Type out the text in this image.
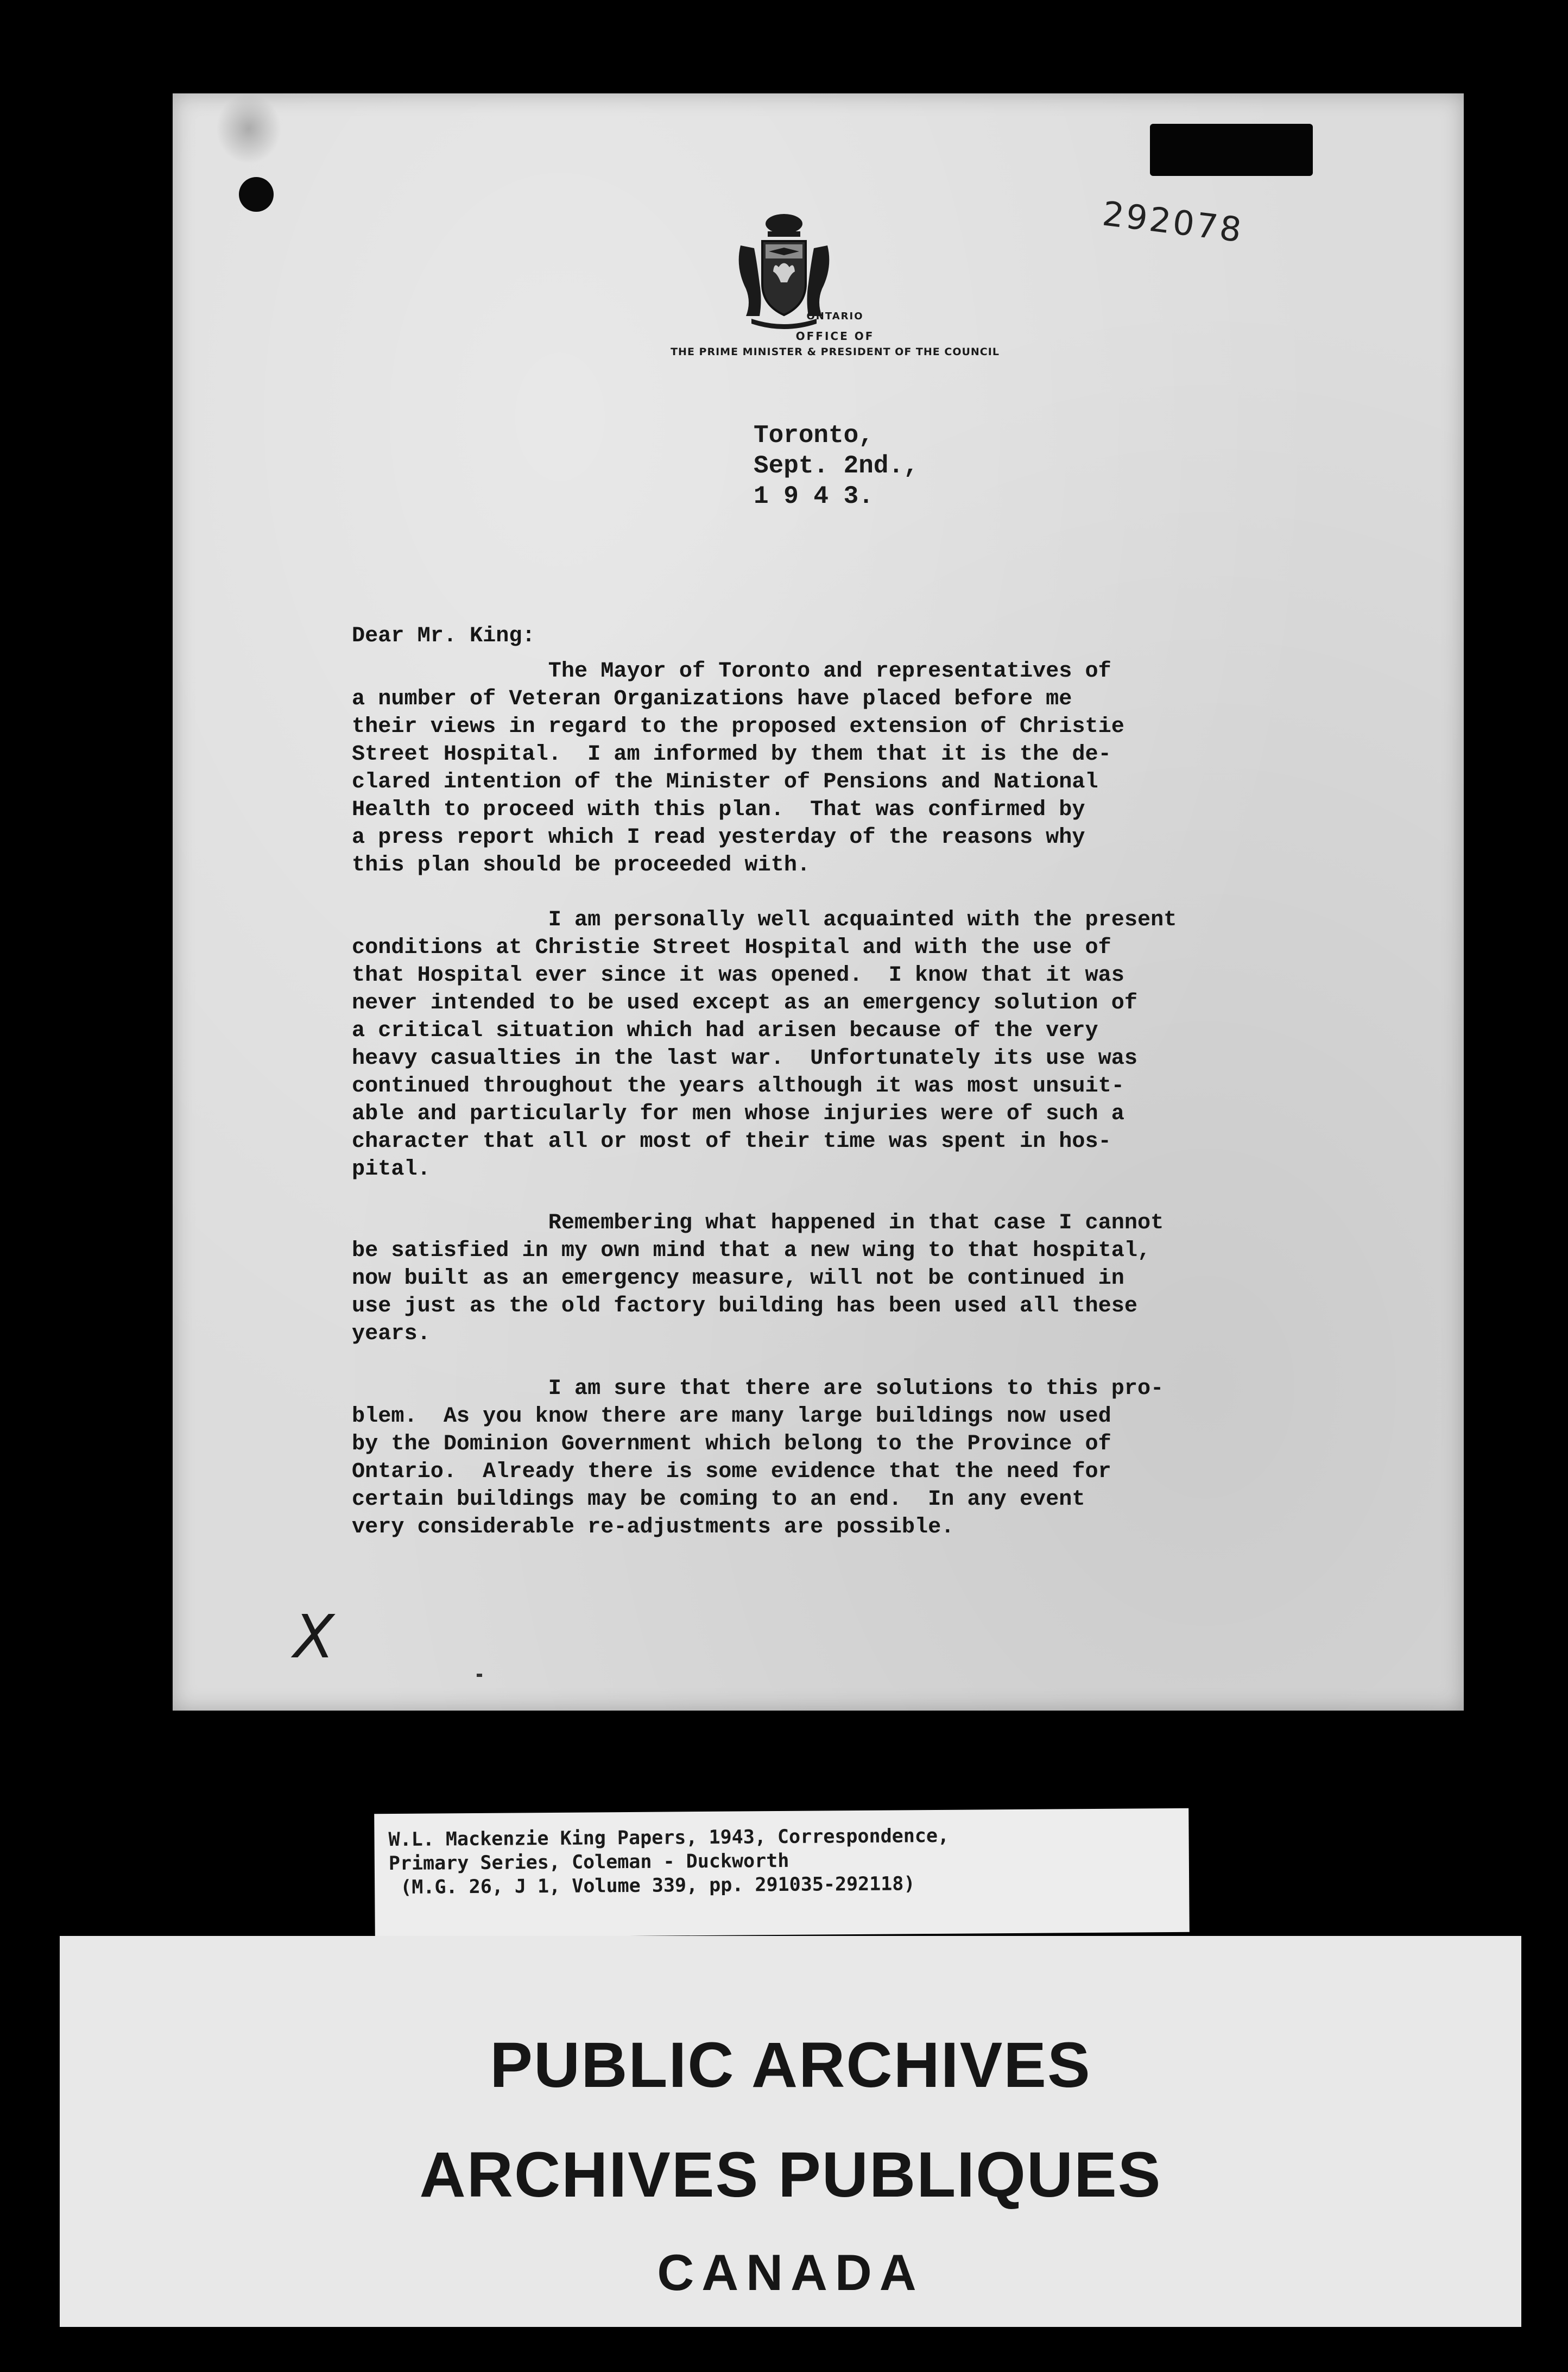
292078
ONTARIO
OFFICE OF
THE PRIME MINISTER & PRESIDENT OF THE COUNCIL
Toronto,
Sept. 2nd.,
1 9 4 3.
Dear Mr. King:
The Mayor of Toronto and representatives of
a number of Veteran Organizations have placed before me
their views in regard to the proposed extension of Christie
Street Hospital.  I am informed by them that it is the de-
clared intention of the Minister of Pensions and National
Health to proceed with this plan.  That was confirmed by
a press report which I read yesterday of the reasons why
this plan should be proceeded with.
I am personally well acquainted with the present
conditions at Christie Street Hospital and with the use of
that Hospital ever since it was opened.  I know that it was
never intended to be used except as an emergency solution of
a critical situation which had arisen because of the very
heavy casualties in the last war.  Unfortunately its use was
continued throughout the years although it was most unsuit-
able and particularly for men whose injuries were of such a
character that all or most of their time was spent in hos-
pital.
Remembering what happened in that case I cannot
be satisfied in my own mind that a new wing to that hospital,
now built as an emergency measure, will not be continued in
use just as the old factory building has been used all these
years.
I am sure that there are solutions to this pro-
blem.  As you know there are many large buildings now used
by the Dominion Government which belong to the Province of
Ontario.  Already there is some evidence that the need for
certain buildings may be coming to an end.  In any event
very considerable re-adjustments are possible.
X
W.L. Mackenzie King Papers, 1943, Correspondence,
Primary Series, Coleman - Duckworth
(M.G. 26, J 1, Volume 339, pp. 291035-292118)
PUBLIC ARCHIVES
ARCHIVES PUBLIQUES
CANADA
